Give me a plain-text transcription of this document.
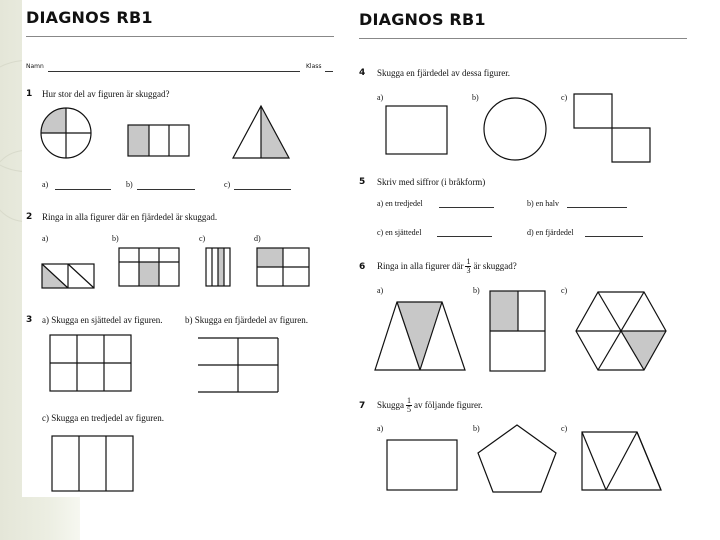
DIAGNOS RB1
Namn	Klass
1 Hur stor del av figuren är skuggad?
a)	b)	c)
2 Ringa in alla figurer där en fjärdedel är skuggad.
a)	b)	c)	d)
3 a) Skugga en sjättedel av figuren.	b) Skugga en fjärdedel av figuren.
c) Skugga en tredjedel av figuren.
DIAGNOS RB1
4 Skugga en fjärdedel av dessa figurer.
a)	b)	c)
5 Skriv med siffror (i bråkform)
a) en tredjedel	b) en halv
c) en sjättedel	d) en fjärdedel
6 Ringa in alla figurer där $\frac{1}{3}$ är skuggad?
a)	b)	c)
7 Skugga $\frac{1}{5}$ av följande figurer.
a)	b)	c)
